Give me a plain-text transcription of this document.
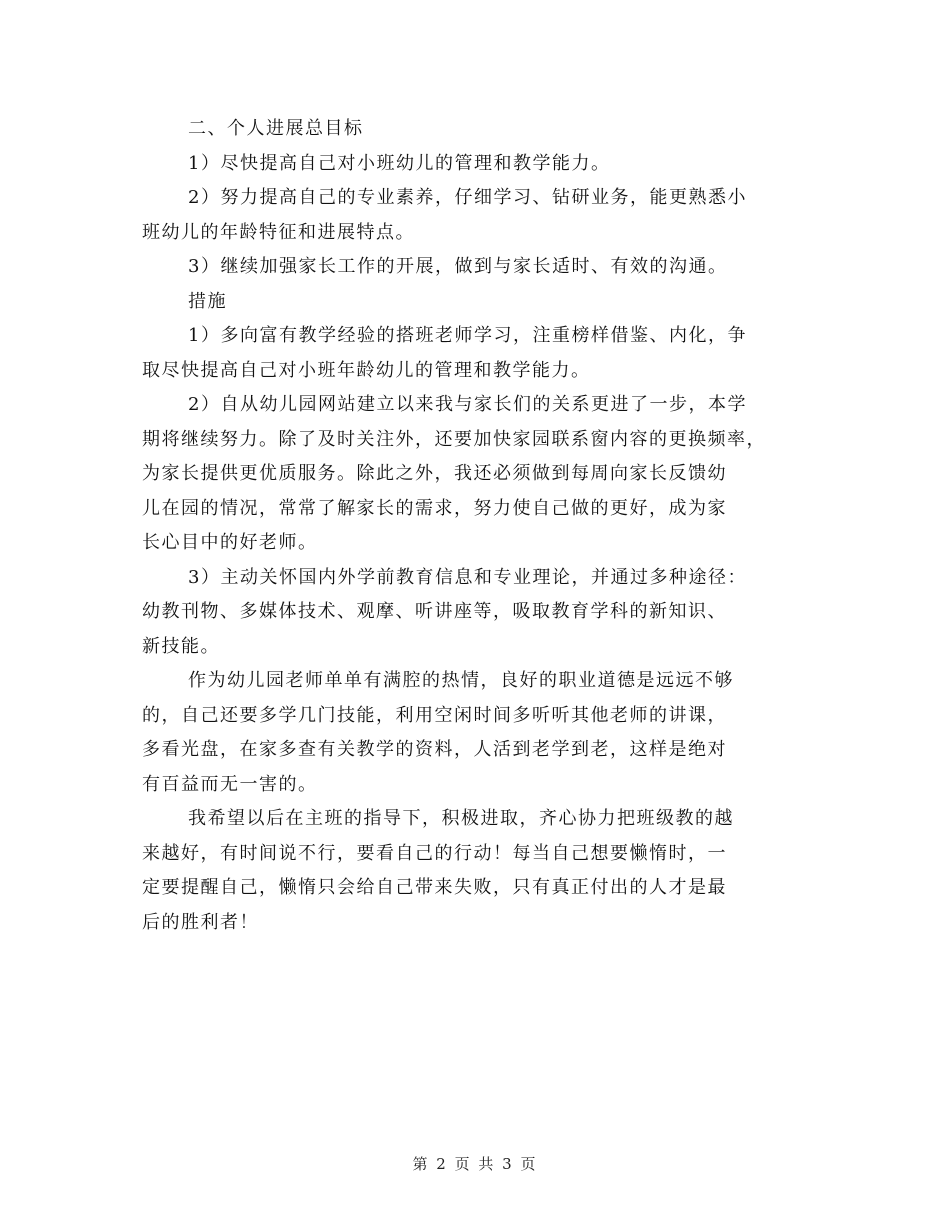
二、个人进展总目标
1）尽快提高自己对小班幼儿的管理和教学能力。
2）努力提高自己的专业素养，仔细学习、钻研业务，能更熟悉小
班幼儿的年龄特征和进展特点。
3）继续加强家长工作的开展，做到与家长适时、有效的沟通。
措施
1）多向富有教学经验的搭班老师学习，注重榜样借鉴、内化，争
取尽快提高自己对小班年龄幼儿的管理和教学能力。
2）自从幼儿园网站建立以来我与家长们的关系更进了一步，本学
期将继续努力。除了及时关注外，还要加快家园联系窗内容的更换频率，
为家长提供更优质服务。除此之外，我还必须做到每周向家长反馈幼
儿在园的情况，常常了解家长的需求，努力使自己做的更好，成为家
长心目中的好老师。
3）主动关怀国内外学前教育信息和专业理论，并通过多种途径：
幼教刊物、多媒体技术、观摩、听讲座等，吸取教育学科的新知识、
新技能。
作为幼儿园老师单单有满腔的热情，良好的职业道德是远远不够
的，自己还要多学几门技能，利用空闲时间多听听其他老师的讲课，
多看光盘，在家多查有关教学的资料，人活到老学到老，这样是绝对
有百益而无一害的。
我希望以后在主班的指导下，积极进取，齐心协力把班级教的越
来越好，有时间说不行，要看自己的行动！每当自己想要懒惰时，一
定要提醒自己，懒惰只会给自己带来失败，只有真正付出的人才是最
后的胜利者！
第 2 页 共 3 页
